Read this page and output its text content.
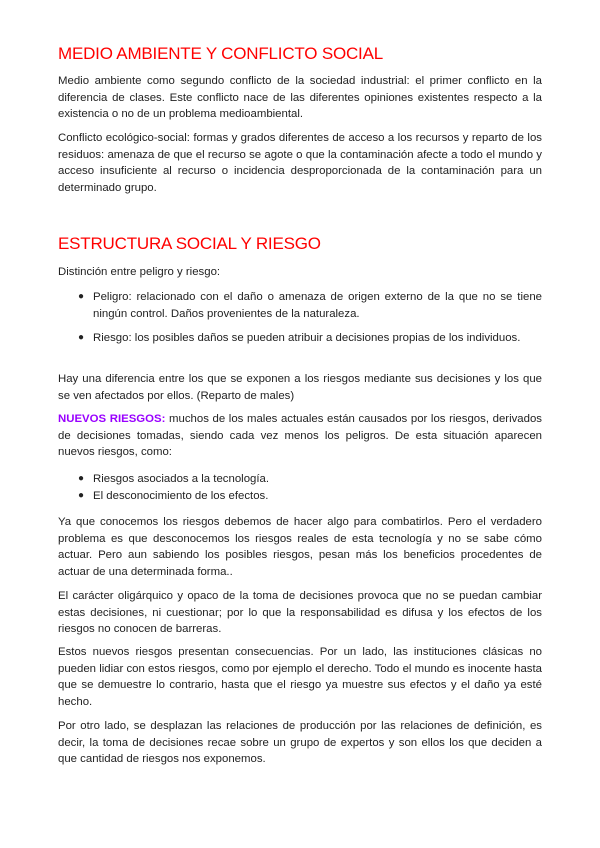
MEDIO AMBIENTE Y CONFLICTO SOCIAL

Medio ambiente como segundo conflicto de la sociedad industrial: el primer conflicto en la diferencia de clases. Este conflicto nace de las diferentes opiniones existentes respecto a la existencia o no de un problema medioambiental.

Conflicto ecológico-social: formas y grados diferentes de acceso a los recursos y reparto de los residuos: amenaza de que el recurso se agote o que la contaminación afecte a todo el mundo y acceso insuficiente al recurso o incidencia desproporcionada de la contaminación para un determinado grupo.

ESTRUCTURA SOCIAL Y RIESGO

Distinción entre peligro y riesgo:

● Peligro: relacionado con el daño o amenaza de origen externo de la que no se tiene ningún control. Daños provenientes de la naturaleza.
● Riesgo: los posibles daños se pueden atribuir a decisiones propias de los individuos.

Hay una diferencia entre los que se exponen a los riesgos mediante sus decisiones y los que se ven afectados por ellos. (Reparto de males)

NUEVOS RIESGOS: muchos de los males actuales están causados por los riesgos, derivados de decisiones tomadas, siendo cada vez menos los peligros. De esta situación aparecen nuevos riesgos, como:

● Riesgos asociados a la tecnología.
● El desconocimiento de los efectos.

Ya que conocemos los riesgos debemos de hacer algo para combatirlos. Pero el verdadero problema es que desconocemos los riesgos reales de esta tecnología y no se sabe cómo actuar. Pero aun sabiendo los posibles riesgos, pesan más los beneficios procedentes de actuar de una determinada forma..

El carácter oligárquico y opaco de la toma de decisiones provoca que no se puedan cambiar estas decisiones, ni cuestionar; por lo que la responsabilidad es difusa y los efectos de los riesgos no conocen de barreras.

Estos nuevos riesgos presentan consecuencias. Por un lado, las instituciones clásicas no pueden lidiar con estos riesgos, como por ejemplo el derecho. Todo el mundo es inocente hasta que se demuestre lo contrario, hasta que el riesgo ya muestre sus efectos y el daño ya esté hecho.

Por otro lado, se desplazan las relaciones de producción por las relaciones de definición, es decir, la toma de decisiones recae sobre un grupo de expertos y son ellos los que deciden a que cantidad de riesgos nos exponemos.
